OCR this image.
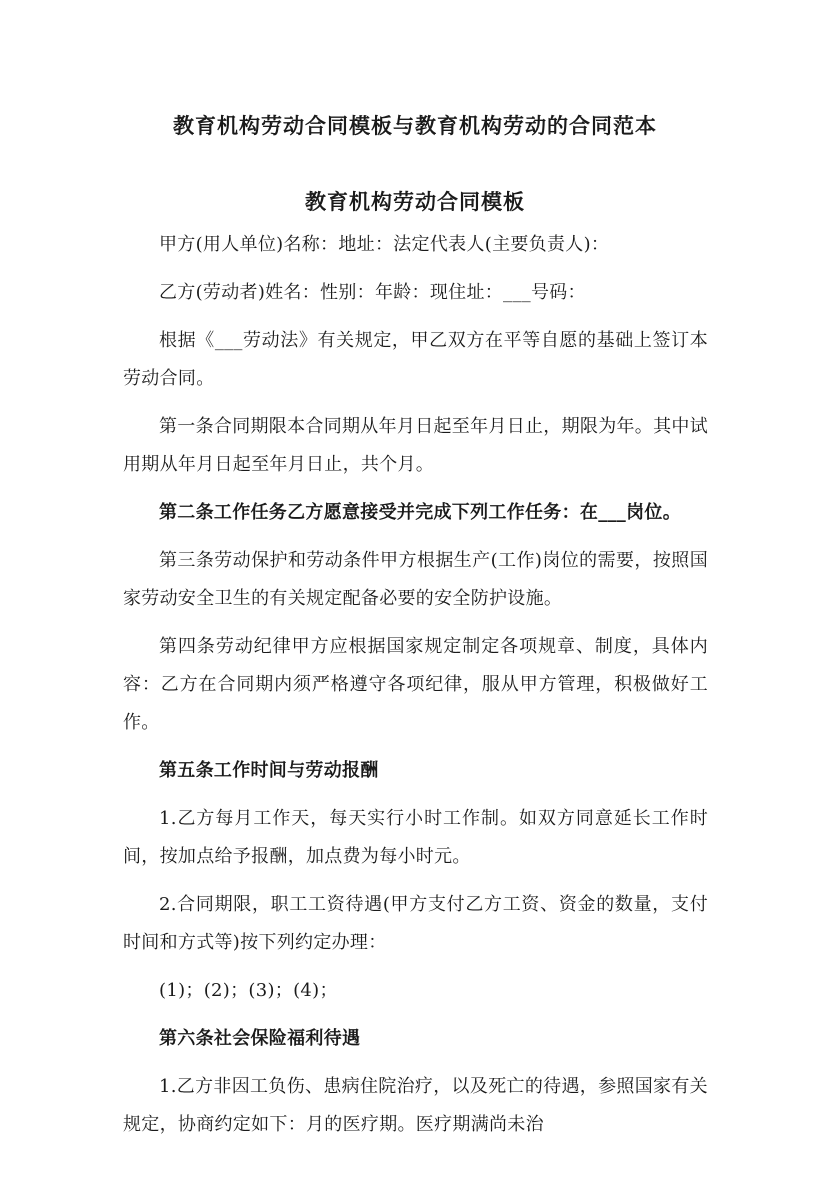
​
​
教育机构劳动合同模板与教育机构劳动的合同范本
教育机构劳动合同模板

甲方(用人单位)名称：地址：法定代表人(主要负责人)：

乙方(劳动者)姓名：性别：年龄：现住址：___号码：

根据《___劳动法》有关规定，甲乙双方在平等自愿的基础上签订本劳动合同。

第一条合同期限本合同期从年月日起至年月日止，期限为年。其中试用期从年月日起至年月日止，共个月。

第二条工作任务乙方愿意接受并完成下列工作任务：在___岗位。

第三条劳动保护和劳动条件甲方根据生产(工作)岗位的需要，按照国家劳动安全卫生的有关规定配备必要的安全防护设施。

第四条劳动纪律甲方应根据国家规定制定各项规章、制度，具体内容：乙方在合同期内须严格遵守各项纪律，服从甲方管理，积极做好工作。

第五条工作时间与劳动报酬

1.乙方每月工作天，每天实行小时工作制。如双方同意延长工作时间，按加点给予报酬，加点费为每小时元。

2.合同期限，职工工资待遇(甲方支付乙方工资、资金的数量，支付时间和方式等)按下列约定办理：

(1)；(2)；(3)；(4)；

第六条社会保险福利待遇

1.乙方非因工负伤、患病住院治疗，以及死亡的待遇，参照国家有关规定，协商约定如下：月的医疗期。医疗期满尚未治
